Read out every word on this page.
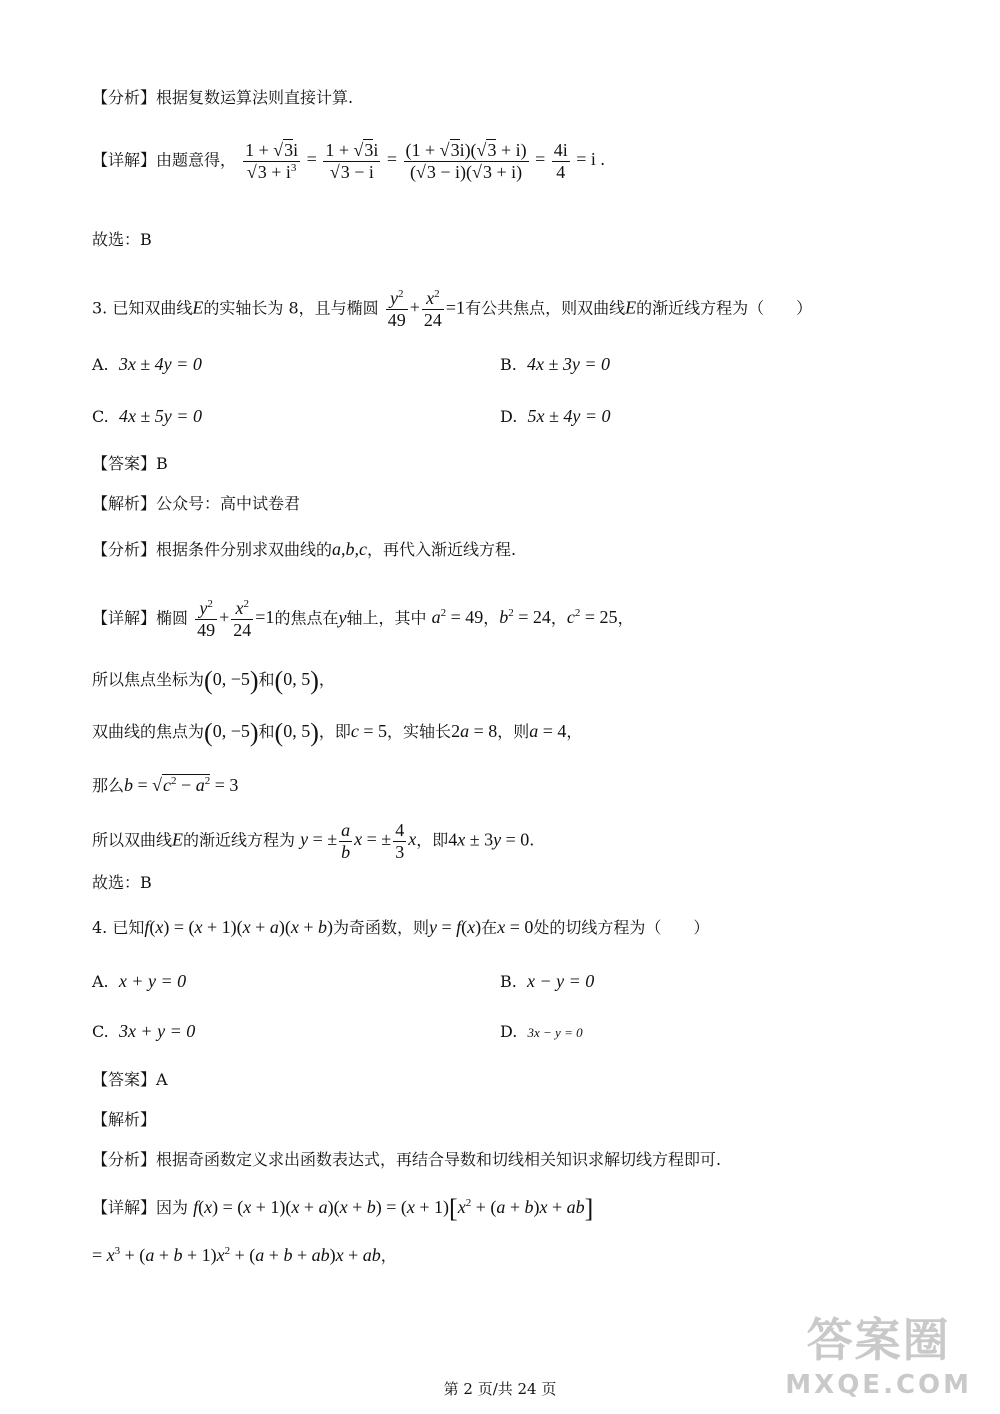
【分析】根据复数运算法则直接计算.
【详解】由题意得， $\frac{1 + √3i}{√3 + i^3} = \frac{1 + √3i}{√3 - i} = \frac{(1 + √3i)(√3 + i)}{(√3 - i)(√3 + i)} = \frac{4i}{4} = i$ .
故选：B
3. 已知双曲线E的实轴长为 8，且与椭圆 $\frac{y^2}{49} + \frac{x^2}{24} =1$有公共焦点，则双曲线E的渐近线方程为（　　）
A. 3x ± 4y = 0	B. 4x ± 3y = 0
C. 4x ± 5y = 0	D. 5x ± 4y = 0
【答案】B
【解析】公众号：高中试卷君
【分析】根据条件分别求双曲线的a,b,c，再代入渐近线方程.
【详解】椭圆 $\frac{y^2}{49} + \frac{x^2}{24} =1$的焦点在y轴上，其中 $a^2 = 49$，$b^2 = 24$，$c^2 = 25$，
所以焦点坐标为(0, −5)和(0, 5)，
双曲线的焦点为(0, −5)和(0, 5)，即c = 5，实轴长2a = 8，则a = 4，
那么$b = √c^2 - a^2 = 3$
所以双曲线E的渐近线方程为 y = ± $\frac{a}{b}$ x = ± $\frac{4}{3}$ x，即4x ± 3y = 0.
故选：B
4. 已知f(x) = (x + 1)(x + a)(x + b)为奇函数，则y = f(x)在x = 0处的切线方程为（　　）
A. x + y = 0	B. x − y = 0
C. 3x + y = 0	D. 3x − y = 0
【答案】A
【解析】
【分析】根据奇函数定义求出函数表达式，再结合导数和切线相关知识求解切线方程即可.
【详解】因为 $f(x) = (x + 1)(x + a)(x + b) = (x + 1)[x^2 + (a + b)x + ab]$
= $x^3 + (a + b + 1)x^2 + (a + b + ab)x$ + ab，
第 2 页/共 24 页
答案圈
MXQE.COM
